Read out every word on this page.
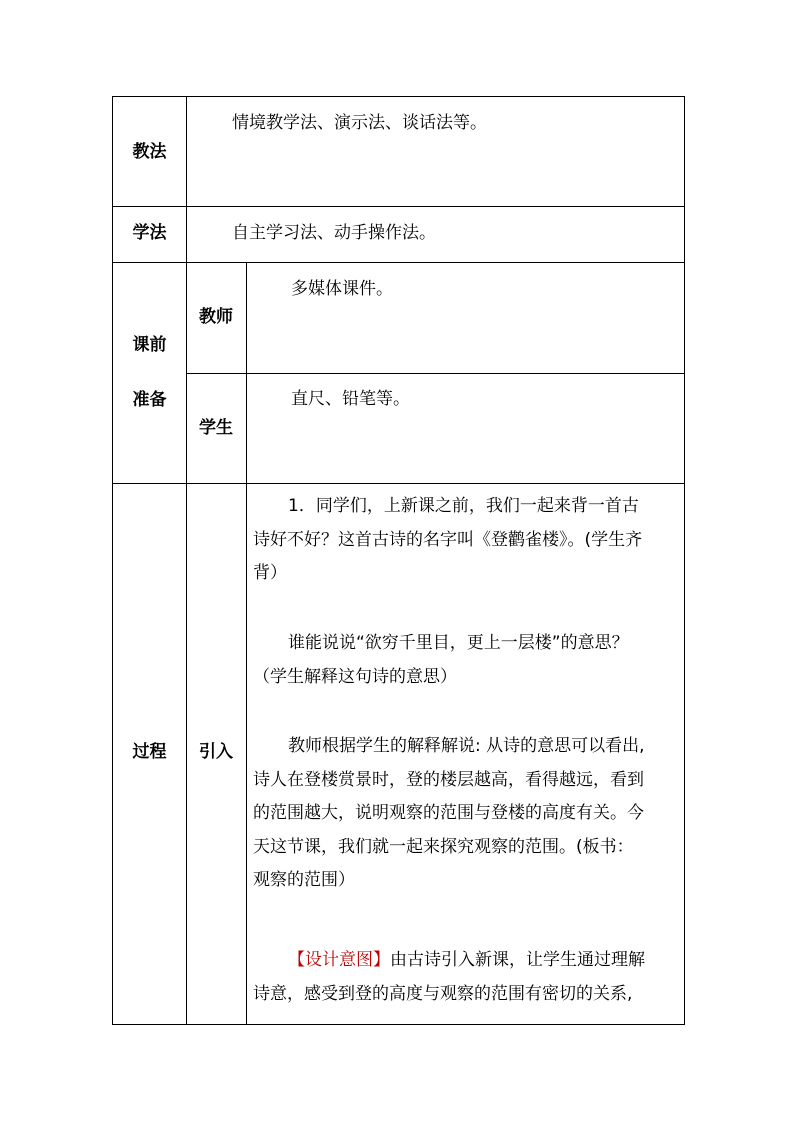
教法
情境教学法、演示法、谈话法等。
学法	自主学习法、动手操作法。
课前
准备
教师
多媒体课件。
学生
直尺、铅笔等。
过程	引入
1．同学们，上新课之前，我们一起来背一首古
诗好不好？这首古诗的名字叫《登鹳雀楼》。(学生齐
背）
谁能说说“欲穷千里目，更上一层楼”的意思？
（学生解释这句诗的意思）
教师根据学生的解释解说: 从诗的意思可以看出,
诗人在登楼赏景时，登的楼层越高，看得越远，看到
的范围越大，说明观察的范围与登楼的高度有关。今
天这节课，我们就一起来探究观察的范围。(板书：
观察的范围）
【设计意图】由古诗引入新课，让学生通过理解
诗意，感受到登的高度与观察的范围有密切的关系,
